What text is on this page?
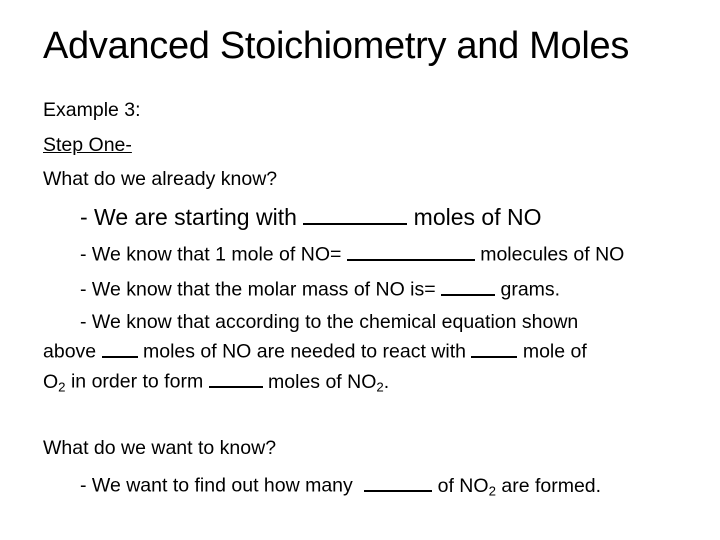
Advanced Stoichiometry and Moles
Example 3:
Step One-
What do we already know?
- We are starting with	moles of NO
- We know that 1 mole of NO=	molecules of NO
- We know that the molar mass of NO is=	grams.
- We know that according to the chemical equation shown
above moles of NO are needed to react with	mole of
$O_2$ in order to form	moles of $NO_2$.
What do we want to know?
- We want to find out how many	of $NO_2$ are formed.
